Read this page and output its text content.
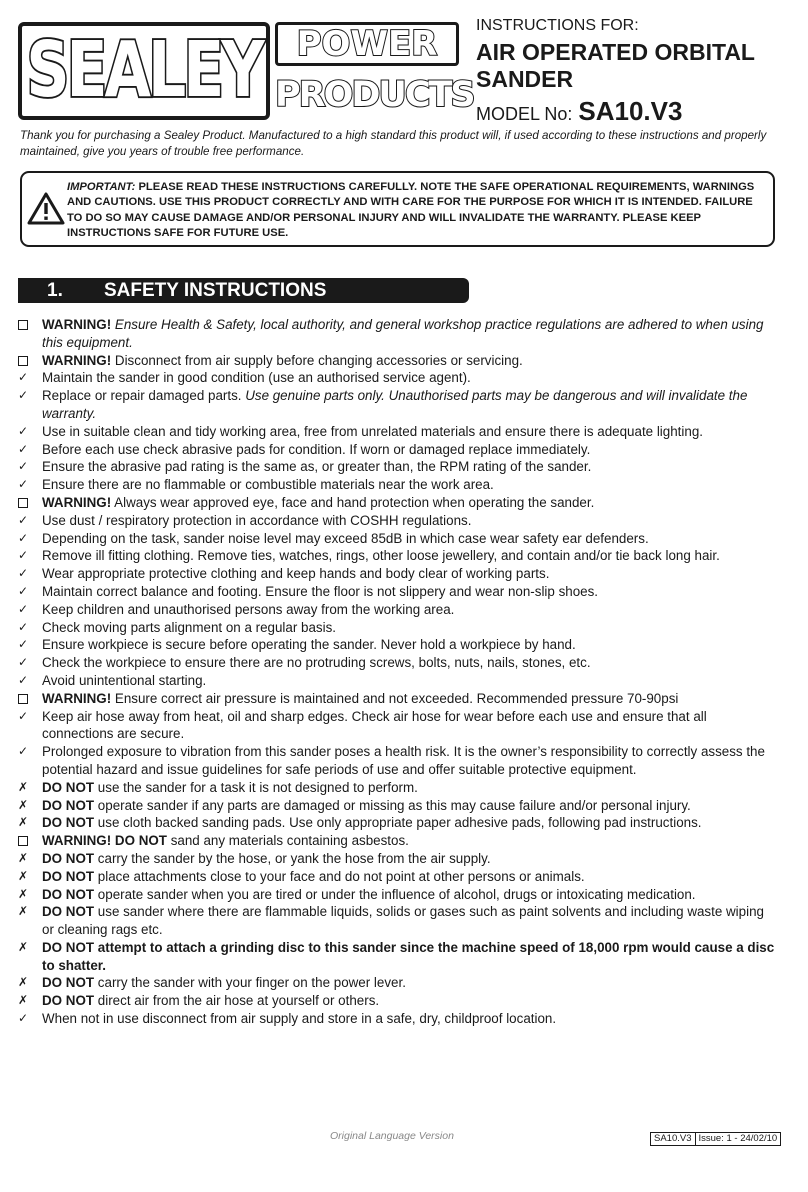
SEALEY	POWER
PRODUCTS
INSTRUCTIONS FOR:
AIR OPERATED ORBITAL
SANDER
MODEL No: SA10.V3
Thank you for purchasing a Sealey Product. Manufactured to a high standard this product will, if used according to these instructions and properly maintained, give you years of trouble free performance.
IMPORTANT: PLEASE READ THESE INSTRUCTIONS CAREFULLY. NOTE THE SAFE OPERATIONAL REQUIREMENTS, WARNINGS AND CAUTIONS. USE THIS PRODUCT CORRECTLY AND WITH CARE FOR THE PURPOSE FOR WHICH IT IS INTENDED. FAILURE TO DO SO MAY CAUSE DAMAGE AND/OR PERSONAL INJURY AND WILL INVALIDATE THE WARRANTY. PLEASE KEEP INSTRUCTIONS SAFE FOR FUTURE USE.
1. SAFETY INSTRUCTIONS
WARNING! Ensure Health & Safety, local authority, and general workshop practice regulations are adhered to when using this equipment.
WARNING! Disconnect from air supply before changing accessories or servicing.
✓	Maintain the sander in good condition (use an authorised service agent).
✓	Replace or repair damaged parts. Use genuine parts only. Unauthorised parts may be dangerous and will invalidate the warranty.
✓	Use in suitable clean and tidy working area, free from unrelated materials and ensure there is adequate lighting.
✓	Before each use check abrasive pads for condition. If worn or damaged replace immediately.
✓	Ensure the abrasive pad rating is the same as, or greater than, the RPM rating of the sander.
✓	Ensure there are no flammable or combustible materials near the work area.
WARNING! Always wear approved eye, face and hand protection when operating the sander.
✓	Use dust / respiratory protection in accordance with COSHH regulations.
✓	Depending on the task, sander noise level may exceed 85dB in which case wear safety ear defenders.
✓	Remove ill fitting clothing. Remove ties, watches, rings, other loose jewellery, and contain and/or tie back long hair.
✓	Wear appropriate protective clothing and keep hands and body clear of working parts.
✓	Maintain correct balance and footing. Ensure the floor is not slippery and wear non-slip shoes.
✓	Keep children and unauthorised persons away from the working area.
✓	Check moving parts alignment on a regular basis.
✓	Ensure workpiece is secure before operating the sander. Never hold a workpiece by hand.
✓	Check the workpiece to ensure there are no protruding screws, bolts, nuts, nails, stones, etc.
✓	Avoid unintentional starting.
WARNING! Ensure correct air pressure is maintained and not exceeded. Recommended pressure 70-90psi
✓	Keep air hose away from heat, oil and sharp edges. Check air hose for wear before each use and ensure that all connections are secure.
✓	Prolonged exposure to vibration from this sander poses a health risk. It is the owner’s responsibility to correctly assess the potential hazard and issue guidelines for safe periods of use and offer suitable protective equipment.
✗	DO NOT use the sander for a task it is not designed to perform.
✗	DO NOT operate sander if any parts are damaged or missing as this may cause failure and/or personal injury.
✗	DO NOT use cloth backed sanding pads. Use only appropriate paper adhesive pads, following pad instructions.
WARNING! DO NOT sand any materials containing asbestos.
✗	DO NOT carry the sander by the hose, or yank the hose from the air supply.
✗	DO NOT place attachments close to your face and do not point at other persons or animals.
✗	DO NOT operate sander when you are tired or under the influence of alcohol, drugs or intoxicating medication.
✗	DO NOT use sander where there are flammable liquids, solids or gases such as paint solvents and including waste wiping or cleaning rags etc.
✗	DO NOT attempt to attach a grinding disc to this sander since the machine speed of 18,000 rpm would cause a disc to shatter.
✗	DO NOT carry the sander with your finger on the power lever.
✗	DO NOT direct air from the air hose at yourself or others.
✓	When not in use disconnect from air supply and store in a safe, dry, childproof location.
Original Language Version	SA10.V3 Issue: 1 - 24/02/10
